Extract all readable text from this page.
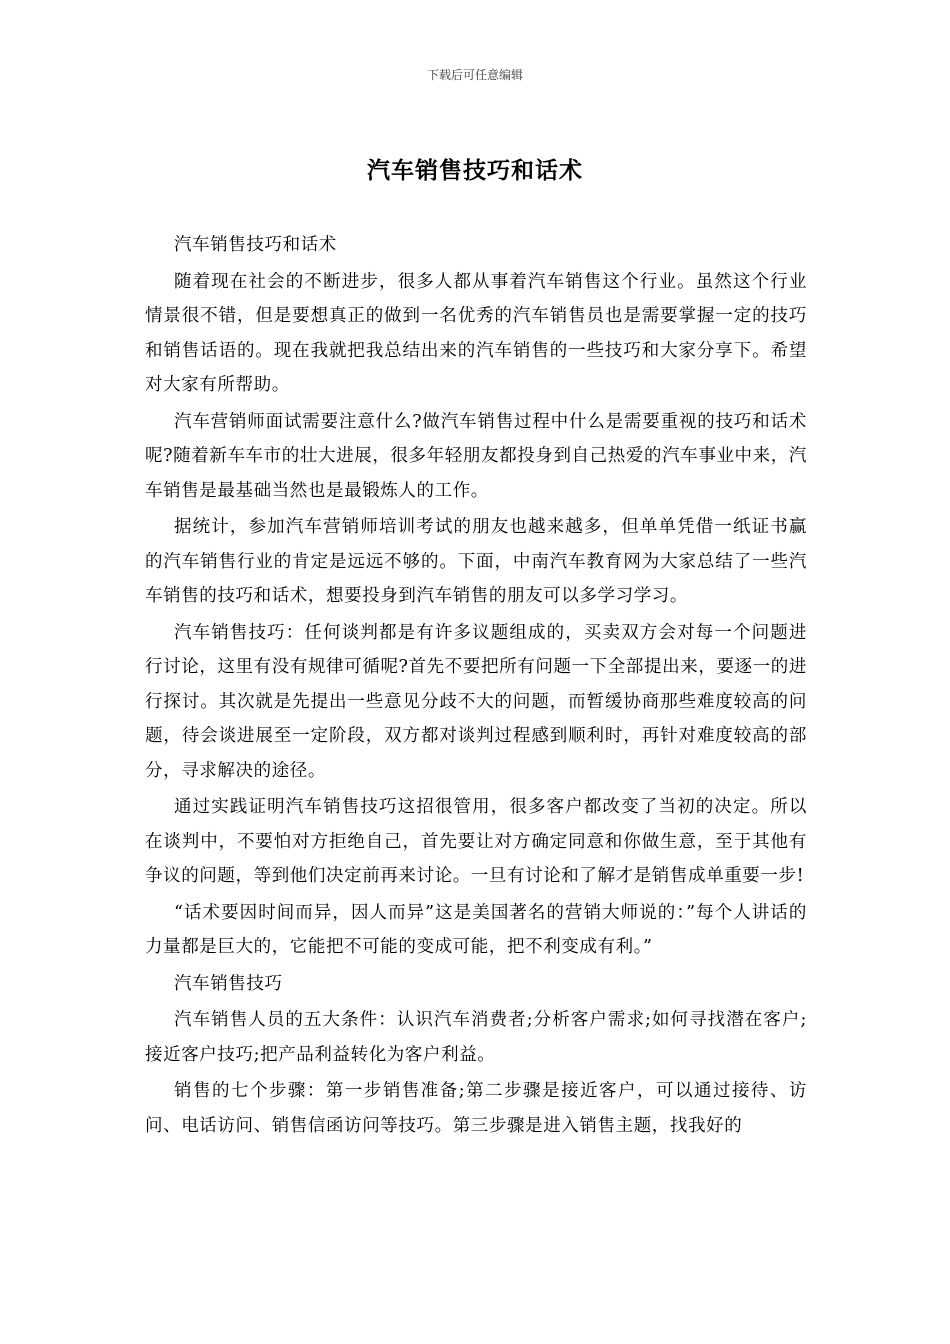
下载后可任意编辑
汽车销售技巧和话术

汽车销售技巧和话术

随着现在社会的不断进步，很多人都从事着汽车销售这个行业。虽然这个行业情景很不错，但是要想真正的做到一名优秀的汽车销售员也是需要掌握一定的技巧和销售话语的。现在我就把我总结出来的汽车销售的一些技巧和大家分享下。希望对大家有所帮助。

汽车营销师面试需要注意什么?做汽车销售过程中什么是需要重视的技巧和话术呢?随着新车车市的壮大进展，很多年轻朋友都投身到自己热爱的汽车事业中来，汽车销售是最基础当然也是最锻炼人的工作。

据统计，参加汽车营销师培训考试的朋友也越来越多，但单单凭借一纸证书赢的汽车销售行业的肯定是远远不够的。下面，中南汽车教育网为大家总结了一些汽车销售的技巧和话术，想要投身到汽车销售的朋友可以多学习学习。

汽车销售技巧：任何谈判都是有许多议题组成的，买卖双方会对每一个问题进行讨论，这里有没有规律可循呢?首先不要把所有问题一下全部提出来，要逐一的进行探讨。其次就是先提出一些意见分歧不大的问题，而暂缓协商那些难度较高的问题，待会谈进展至一定阶段，双方都对谈判过程感到顺利时，再针对难度较高的部分，寻求解决的途径。

通过实践证明汽车销售技巧这招很管用，很多客户都改变了当初的决定。所以在谈判中，不要怕对方拒绝自己，首先要让对方确定同意和你做生意，至于其他有争议的问题，等到他们决定前再来讨论。一旦有讨论和了解才是销售成单重要一步!

“话术要因时间而异，因人而异”这是美国著名的营销大师说的：”每个人讲话的力量都是巨大的，它能把不可能的变成可能，把不利变成有利。”

汽车销售技巧

汽车销售人员的五大条件：认识汽车消费者;分析客户需求;如何寻找潜在客户;接近客户技巧;把产品利益转化为客户利益。

销售的七个步骤：第一步销售准备;第二步骤是接近客户，可以通过接待、访问、电话访问、销售信函访问等技巧。第三步骤是进入销售主题，找我好的
